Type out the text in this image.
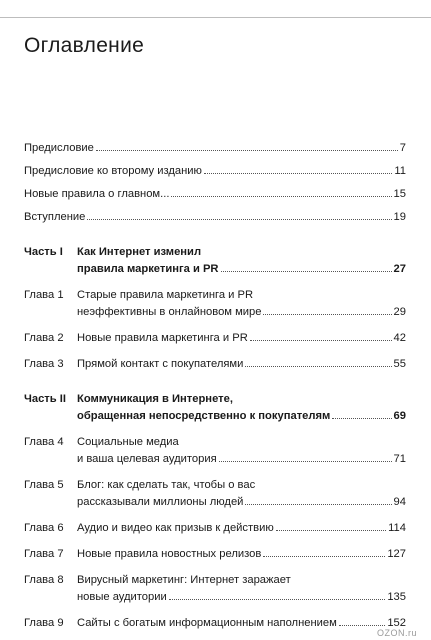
Оглавление
Предисловие	7
Предисловие ко второму изданию	11
Новые правила о главном...	15
Вступление	19
Часть I	Как Интернет изменил
правила маркетинга и PR	27
Глава 1	Старые правила маркетинга и PR
неэффективны в онлайновом мире	29
Глава 2	Новые правила маркетинга и PR	42
Глава 3	Прямой контакт с покупателями	55
Часть II Коммуникация в Интернете,
обращенная непосредственно к покупателям	69
Глава 4	Социальные медиа
и ваша целевая аудитория	71
Глава 5	Блог: как сделать так, чтобы о вас
рассказывали миллионы людей	94
Глава 6	Аудио и видео как призыв к действию	114
Глава 7	Новые правила новостных релизов	127
Глава 8	Вирусный маркетинг: Интернет заражает
новые аудитории	135
Глава 9	Сайты с богатым информационным наполнением	152
OZON.ru
